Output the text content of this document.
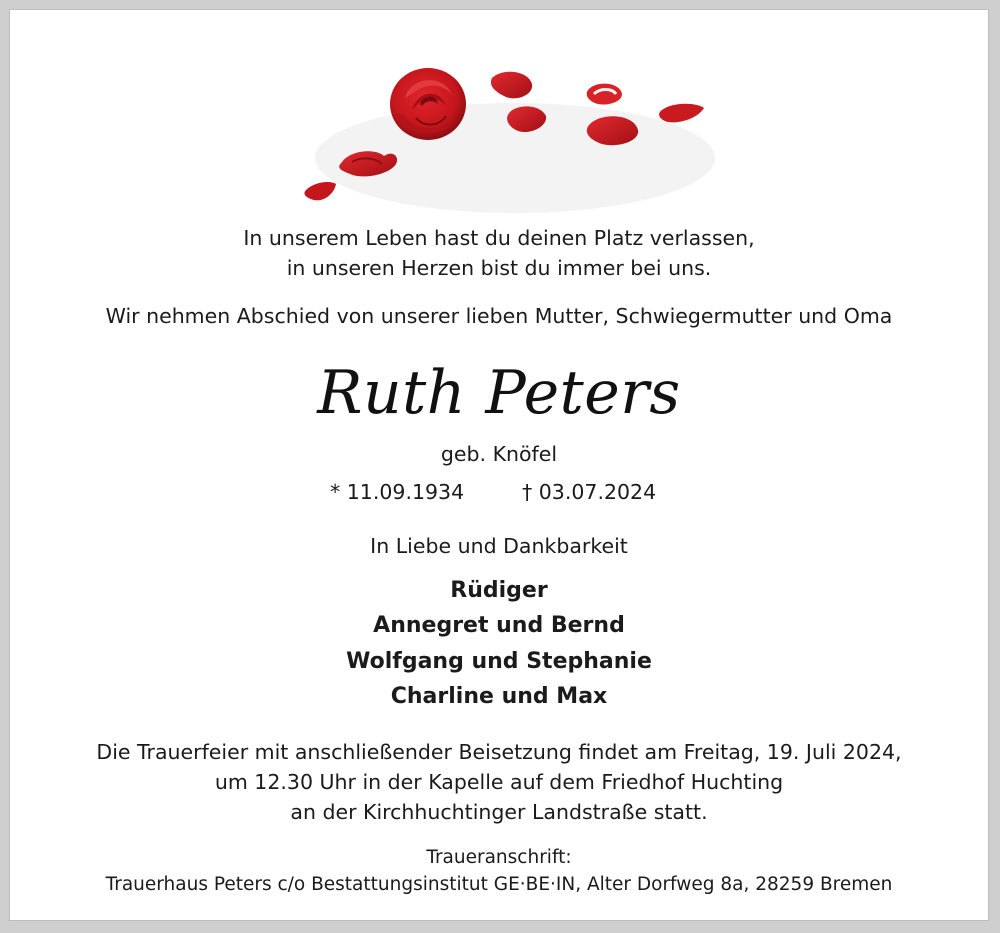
In unserem Leben hast du deinen Platz verlassen,
in unseren Herzen bist du immer bei uns.
Wir nehmen Abschied von unserer lieben Mutter, Schwiegermutter und Oma
Ruth Peters
geb. Knöfel
* 11.09.1934	† 03.07.2024
In Liebe und Dankbarkeit
Rüdiger
Annegret und Bernd
Wolfgang und Stephanie
Charline und Max
Die Trauerfeier mit anschließender Beisetzung findet am Freitag, 19. Juli 2024,
um 12.30 Uhr in der Kapelle auf dem Friedhof Huchting
an der Kirchhuchtinger Landstraße statt.
Traueranschrift:
Trauerhaus Peters c/o Bestattungsinstitut GE·BE·IN, Alter Dorfweg 8a, 28259 Bremen
